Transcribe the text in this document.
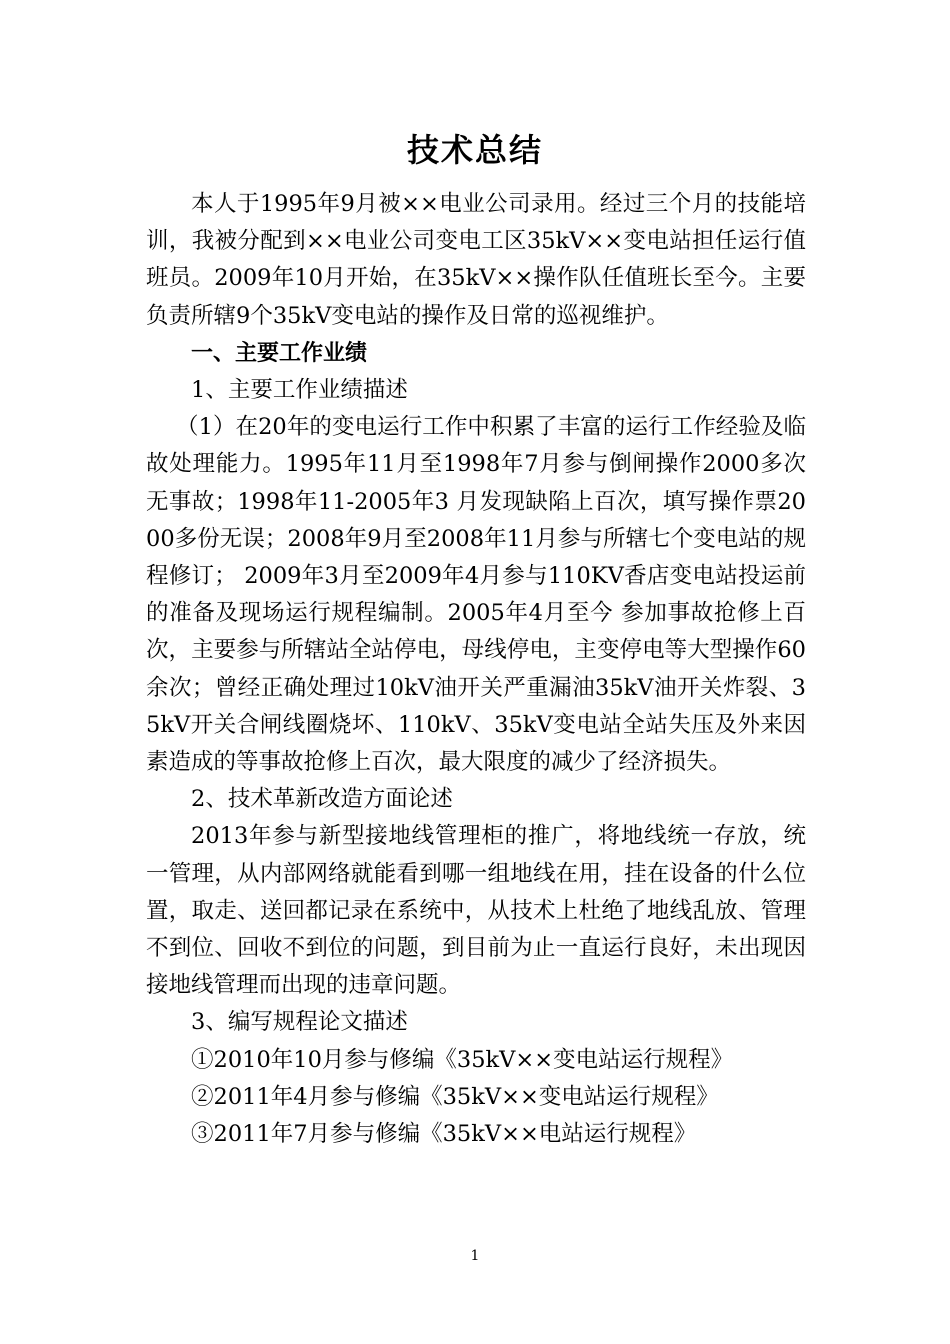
技术总结

本人于1995年9月被××电业公司录用。经过三个月的技能培训，我被分配到××电业公司变电工区35kV××变电站担任运行值班员。2009年10月开始，在35kV××操作队任值班长至今。主要负责所辖9个35kV变电站的操作及日常的巡视维护。

一、主要工作业绩

1、主要工作业绩描述

（1）在20年的变电运行工作中积累了丰富的运行工作经验及临故处理能力。1995年11月至1998年7月参与倒闸操作2000多次无事故；1998年11-2005年3 月发现缺陷上百次，填写操作票2000多份无误；2008年9月至2008年11月参与所辖七个变电站的规程修订； 2009年3月至2009年4月参与110KV香店变电站投运前的准备及现场运行规程编制。2005年4月至今 参加事故抢修上百次，主要参与所辖站全站停电，母线停电，主变停电等大型操作60余次；曾经正确处理过10kV油开关严重漏油35kV油开关炸裂、35kV开关合闸线圈烧坏、110kV、35kV变电站全站失压及外来因素造成的等事故抢修上百次，最大限度的减少了经济损失。

2、技术革新改造方面论述

2013年参与新型接地线管理柜的推广，将地线统一存放，统一管理，从内部网络就能看到哪一组地线在用，挂在设备的什么位置，取走、送回都记录在系统中，从技术上杜绝了地线乱放、管理不到位、回收不到位的问题，到目前为止一直运行良好，未出现因接地线管理而出现的违章问题。

3、编写规程论文描述

①2010年10月参与修编《35kV××变电站运行规程》

②2011年4月参与修编《35kV××变电站运行规程》

③2011年7月参与修编《35kV××电站运行规程》

1
